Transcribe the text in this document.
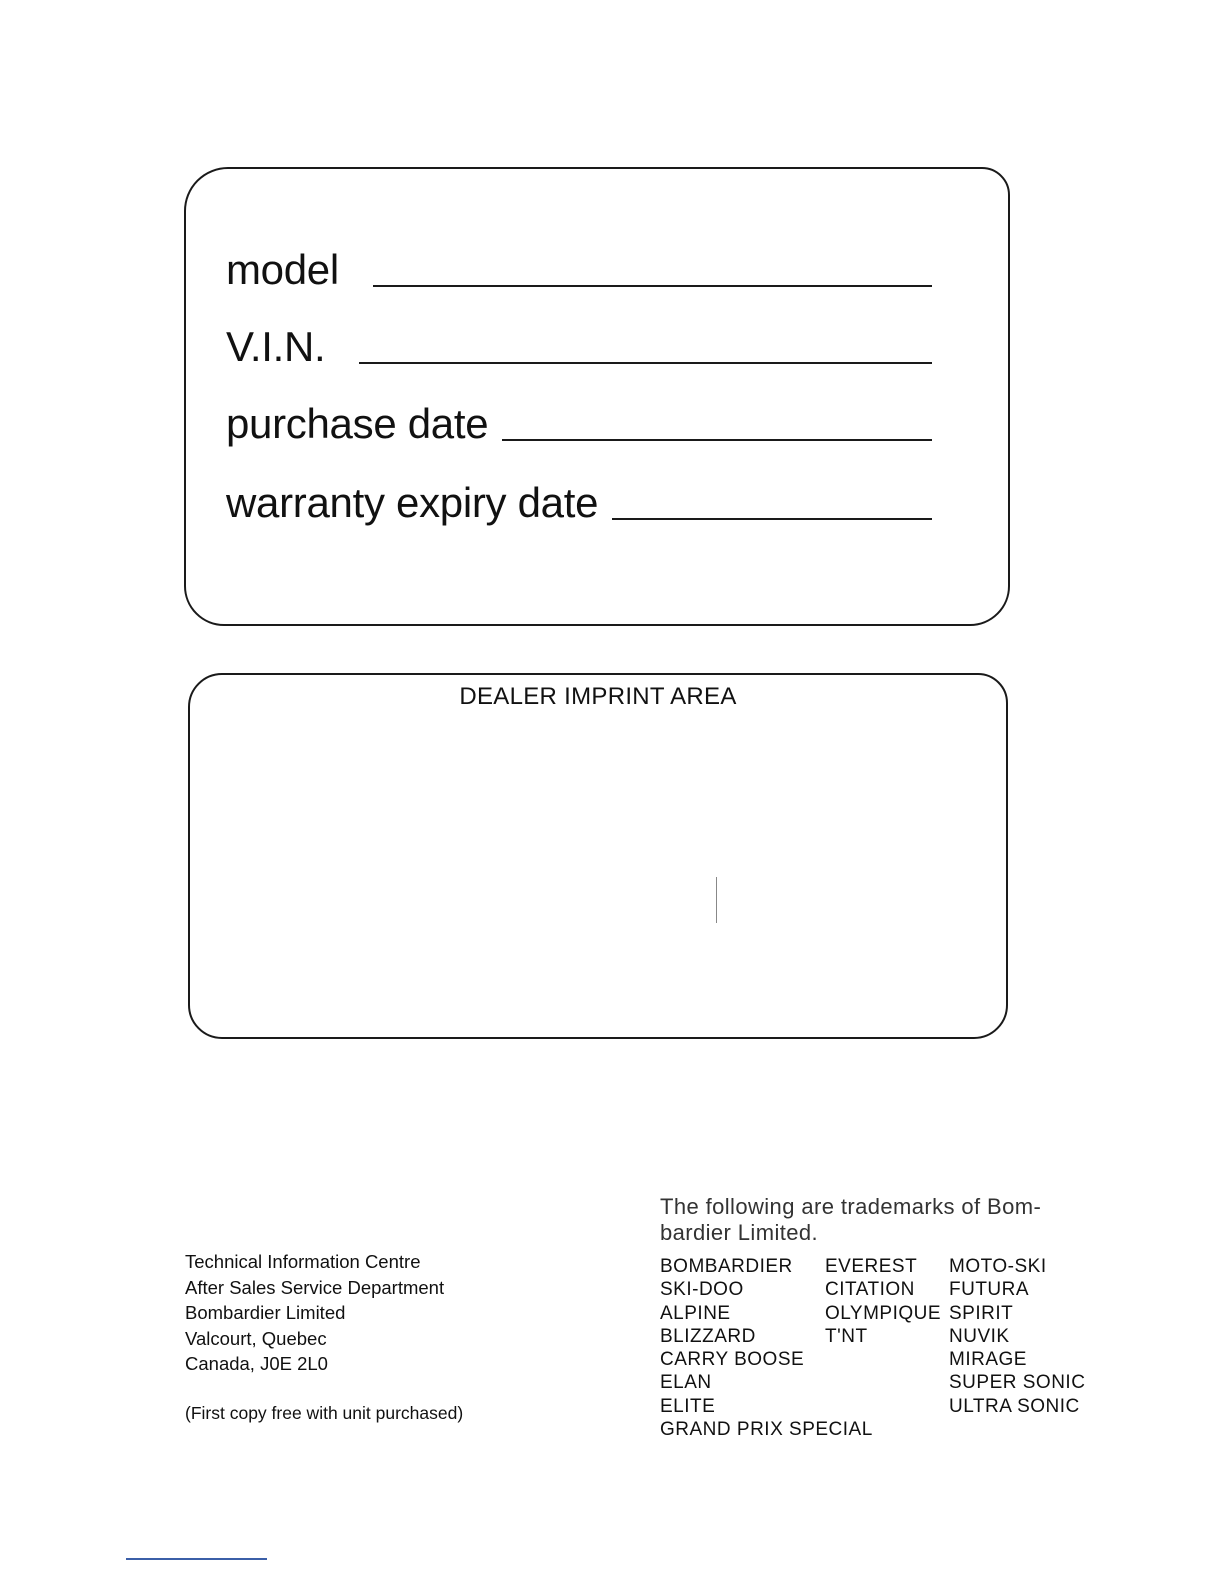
model
V.I.N.
purchase date
warranty expiry date
DEALER IMPRINT AREA
Technical Information Centre
After Sales Service Department
Bombardier Limited
Valcourt, Quebec
Canada, J0E 2L0
(First copy free with unit purchased)
The following are trademarks of Bom-
bardier Limited.
BOMBARDIER
SKI-DOO
ALPINE
BLIZZARD
CARRY BOOSE
ELAN
ELITE
GRAND PRIX SPECIAL
EVEREST
CITATION
OLYMPIQUE
T'NT
MOTO-SKI
FUTURA
SPIRIT
NUVIK
MIRAGE
SUPER SONIC
ULTRA SONIC
